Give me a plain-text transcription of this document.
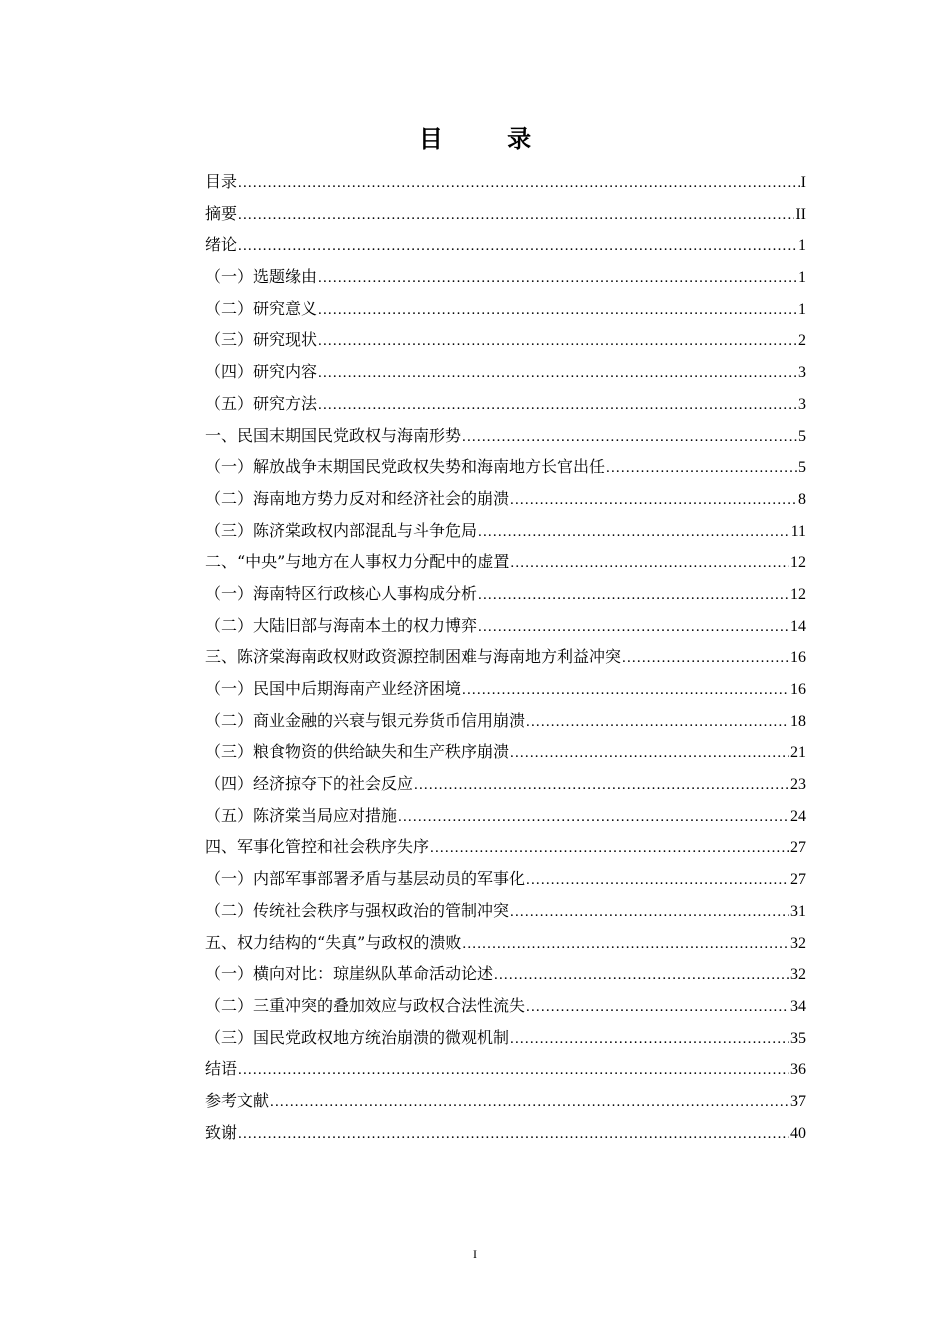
目 录
目录 .....	I
摘要 .....	II
绪论 .....	1
（一）选题缘由 .....	1
（二）研究意义 .....	1
（三）研究现状 .....	2
（四）研究内容 .....	3
（五）研究方法 .....	3
一、民国末期国民党政权与海南形势 .....	5
（一）解放战争末期国民党政权失势和海南地方长官出任 .....	5
（二）海南地方势力反对和经济社会的崩溃 .....	8
（三）陈济棠政权内部混乱与斗争危局 .....	11
二、“中央”与地方在人事权力分配中的虚置 .....	12
（一）海南特区行政核心人事构成分析 .....	12
（二）大陆旧部与海南本土的权力博弈 .....	14
三、陈济棠海南政权财政资源控制困难与海南地方利益冲突 .....	16
（一）民国中后期海南产业经济困境 .....	16
（二）商业金融的兴衰与银元券货币信用崩溃 .....	18
（三）粮食物资的供给缺失和生产秩序崩溃 .....	21
（四）经济掠夺下的社会反应 .....	23
（五）陈济棠当局应对措施 .....	24
四、军事化管控和社会秩序失序 .....	27
（一）内部军事部署矛盾与基层动员的军事化 .....	27
（二）传统社会秩序与强权政治的管制冲突 .....	31
五、权力结构的“失真”与政权的溃败 .....	32
（一）横向对比：琼崖纵队革命活动论述 .....	32
（二）三重冲突的叠加效应与政权合法性流失 .....	34
（三）国民党政权地方统治崩溃的微观机制 .....	35
结语 .....	36
参考文献 .....	37
致谢 .....	40
I
